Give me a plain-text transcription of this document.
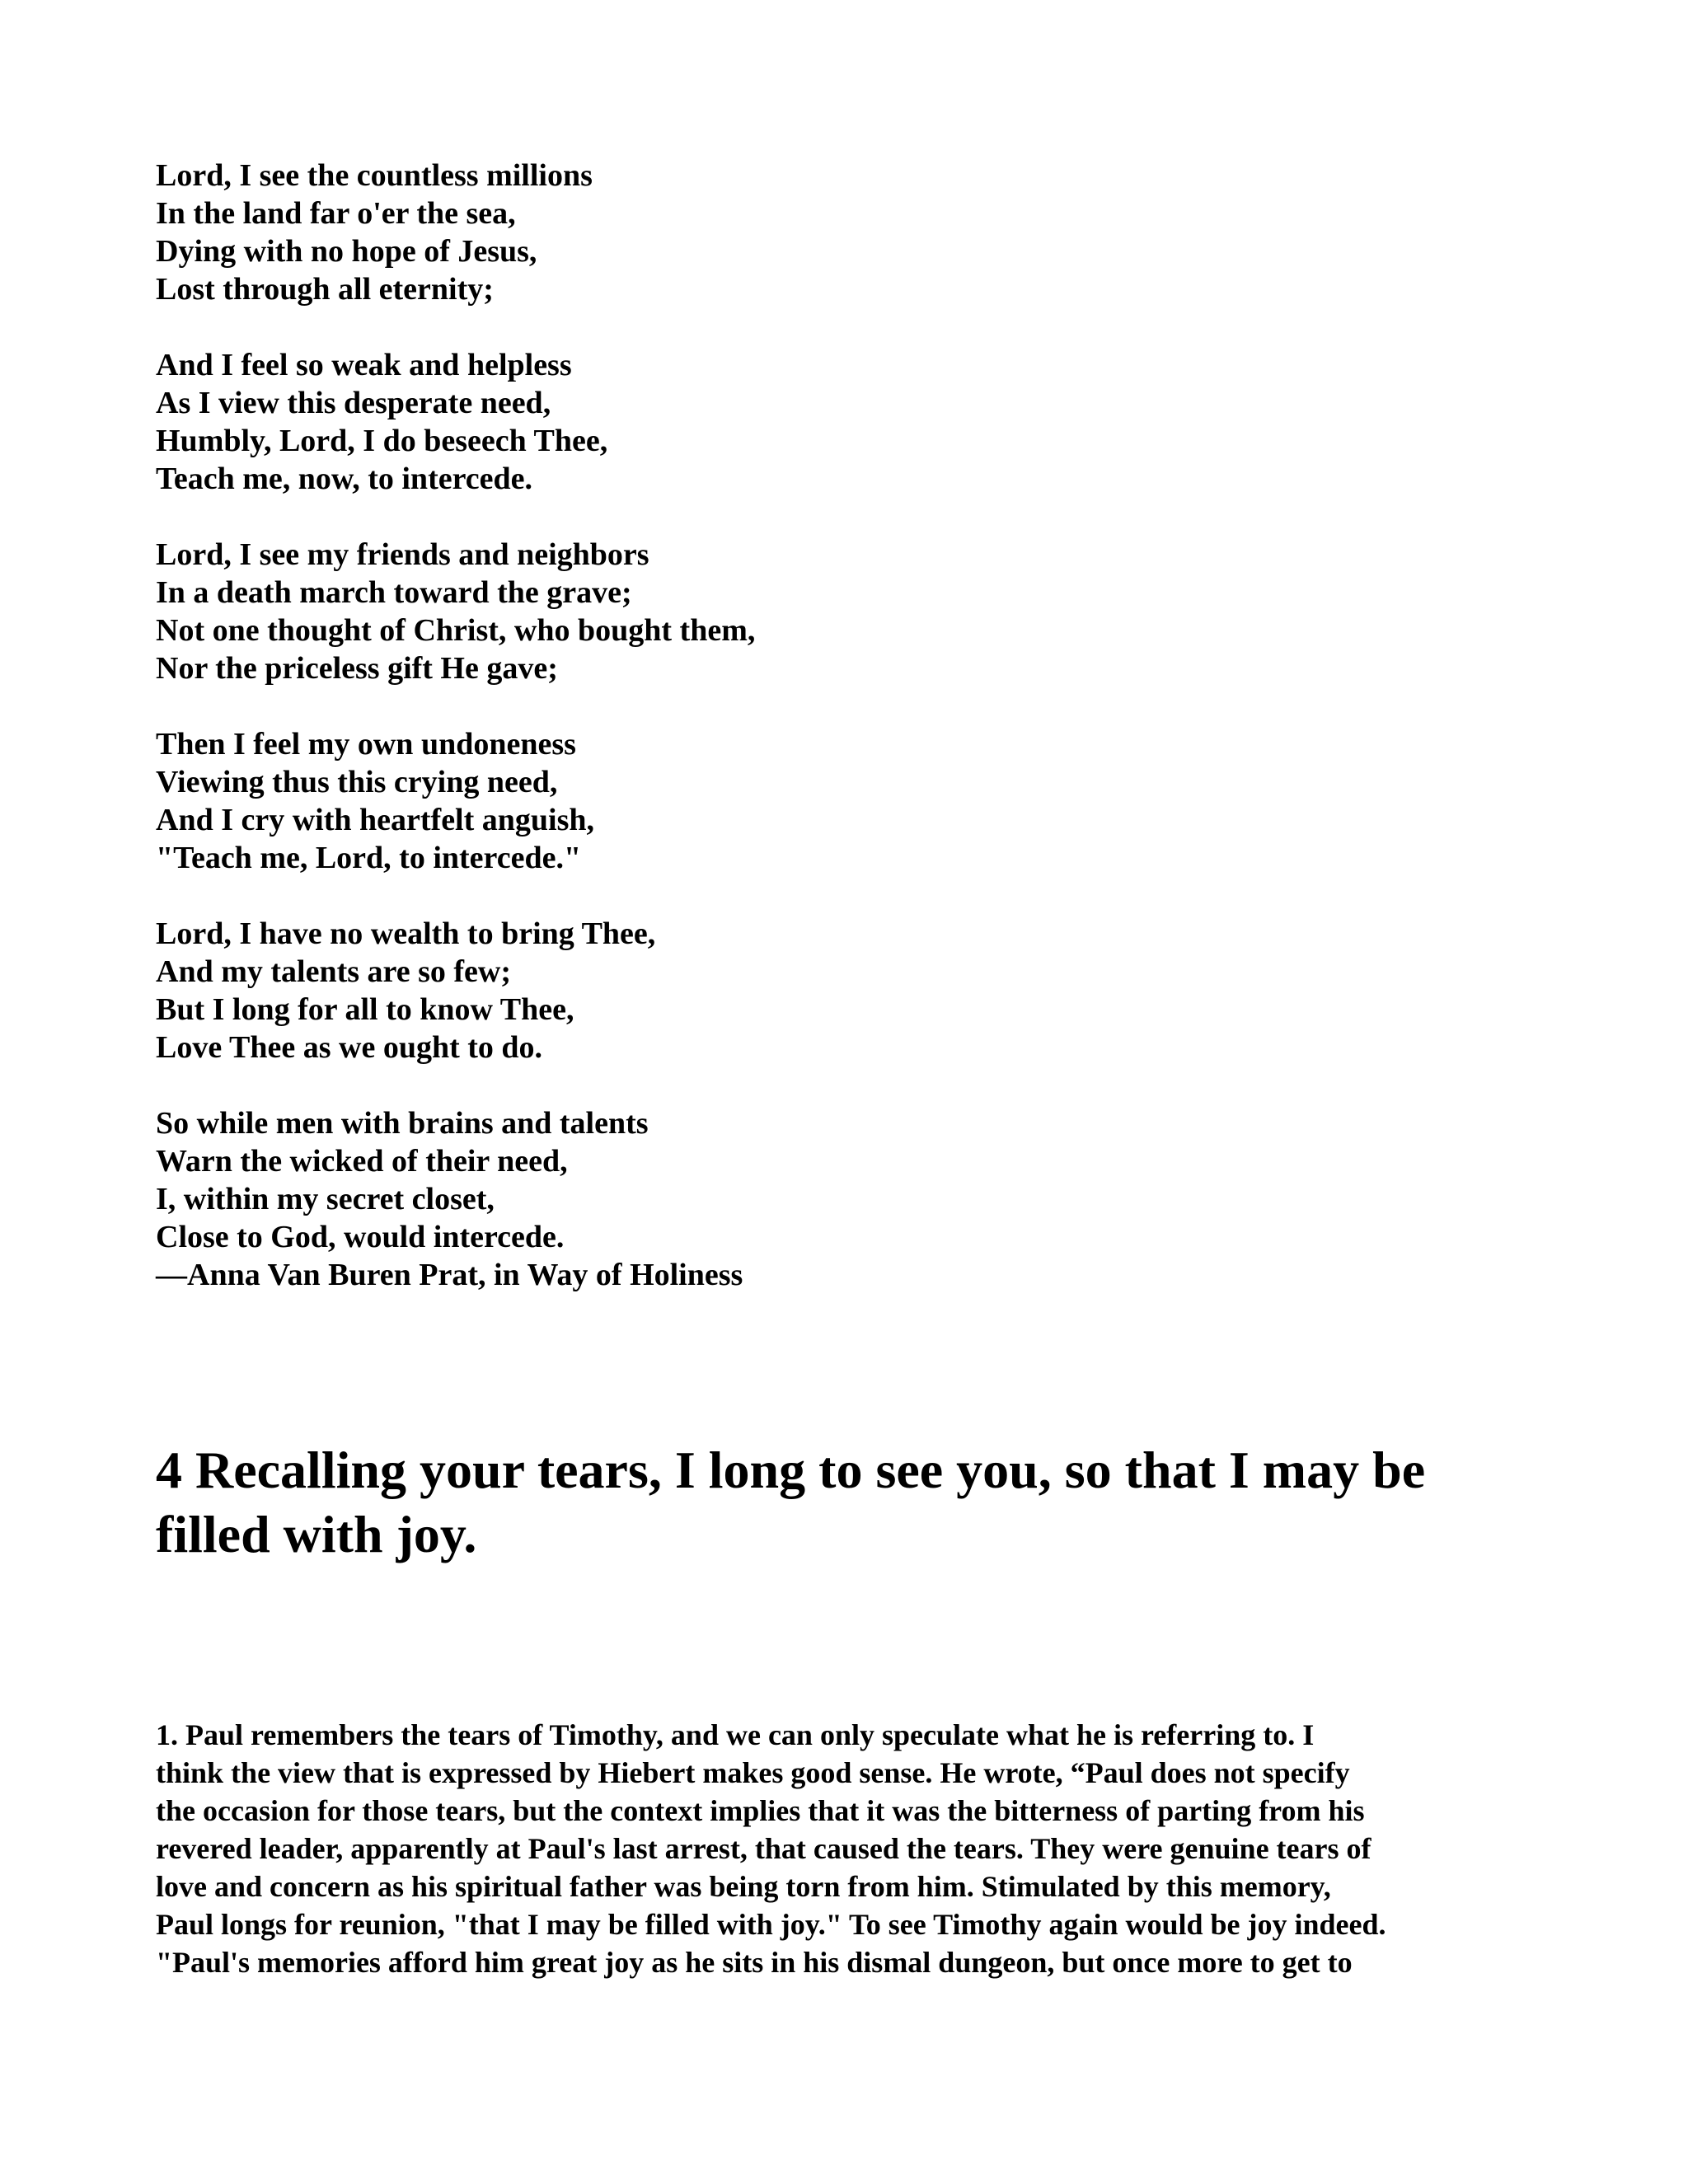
Lord, I see the countless millions
In the land far o'er the sea,
Dying with no hope of Jesus,
Lost through all eternity;
And I feel so weak and helpless
As I view this desperate need,
Humbly, Lord, I do beseech Thee,
Teach me, now, to intercede.
Lord, I see my friends and neighbors
In a death march toward the grave;
Not one thought of Christ, who bought them,
Nor the priceless gift He gave;
Then I feel my own undoneness
Viewing thus this crying need,
And I cry with heartfelt anguish,
"Teach me, Lord, to intercede."
Lord, I have no wealth to bring Thee,
And my talents are so few;
But I long for all to know Thee,
Love Thee as we ought to do.
So while men with brains and talents
Warn the wicked of their need,
I, within my secret closet,
Close to God, would intercede.
—Anna Van Buren Prat, in Way of Holiness
4 Recalling your tears, I long to see you, so that I may be filled with joy.
1. Paul remembers the tears of Timothy, and we can only speculate what he is referring to. I
think the view that is expressed by Hiebert makes good sense. He wrote, “Paul does not specify
the occasion for those tears, but the context implies that it was the bitterness of parting from his
revered leader, apparently at Paul's last arrest, that caused the tears. They were genuine tears of
love and concern as his spiritual father was being torn from him. Stimulated by this memory,
Paul longs for reunion, "that I may be filled with joy." To see Timothy again would be joy indeed.
"Paul's memories afford him great joy as he sits in his dismal dungeon, but once more to get to
